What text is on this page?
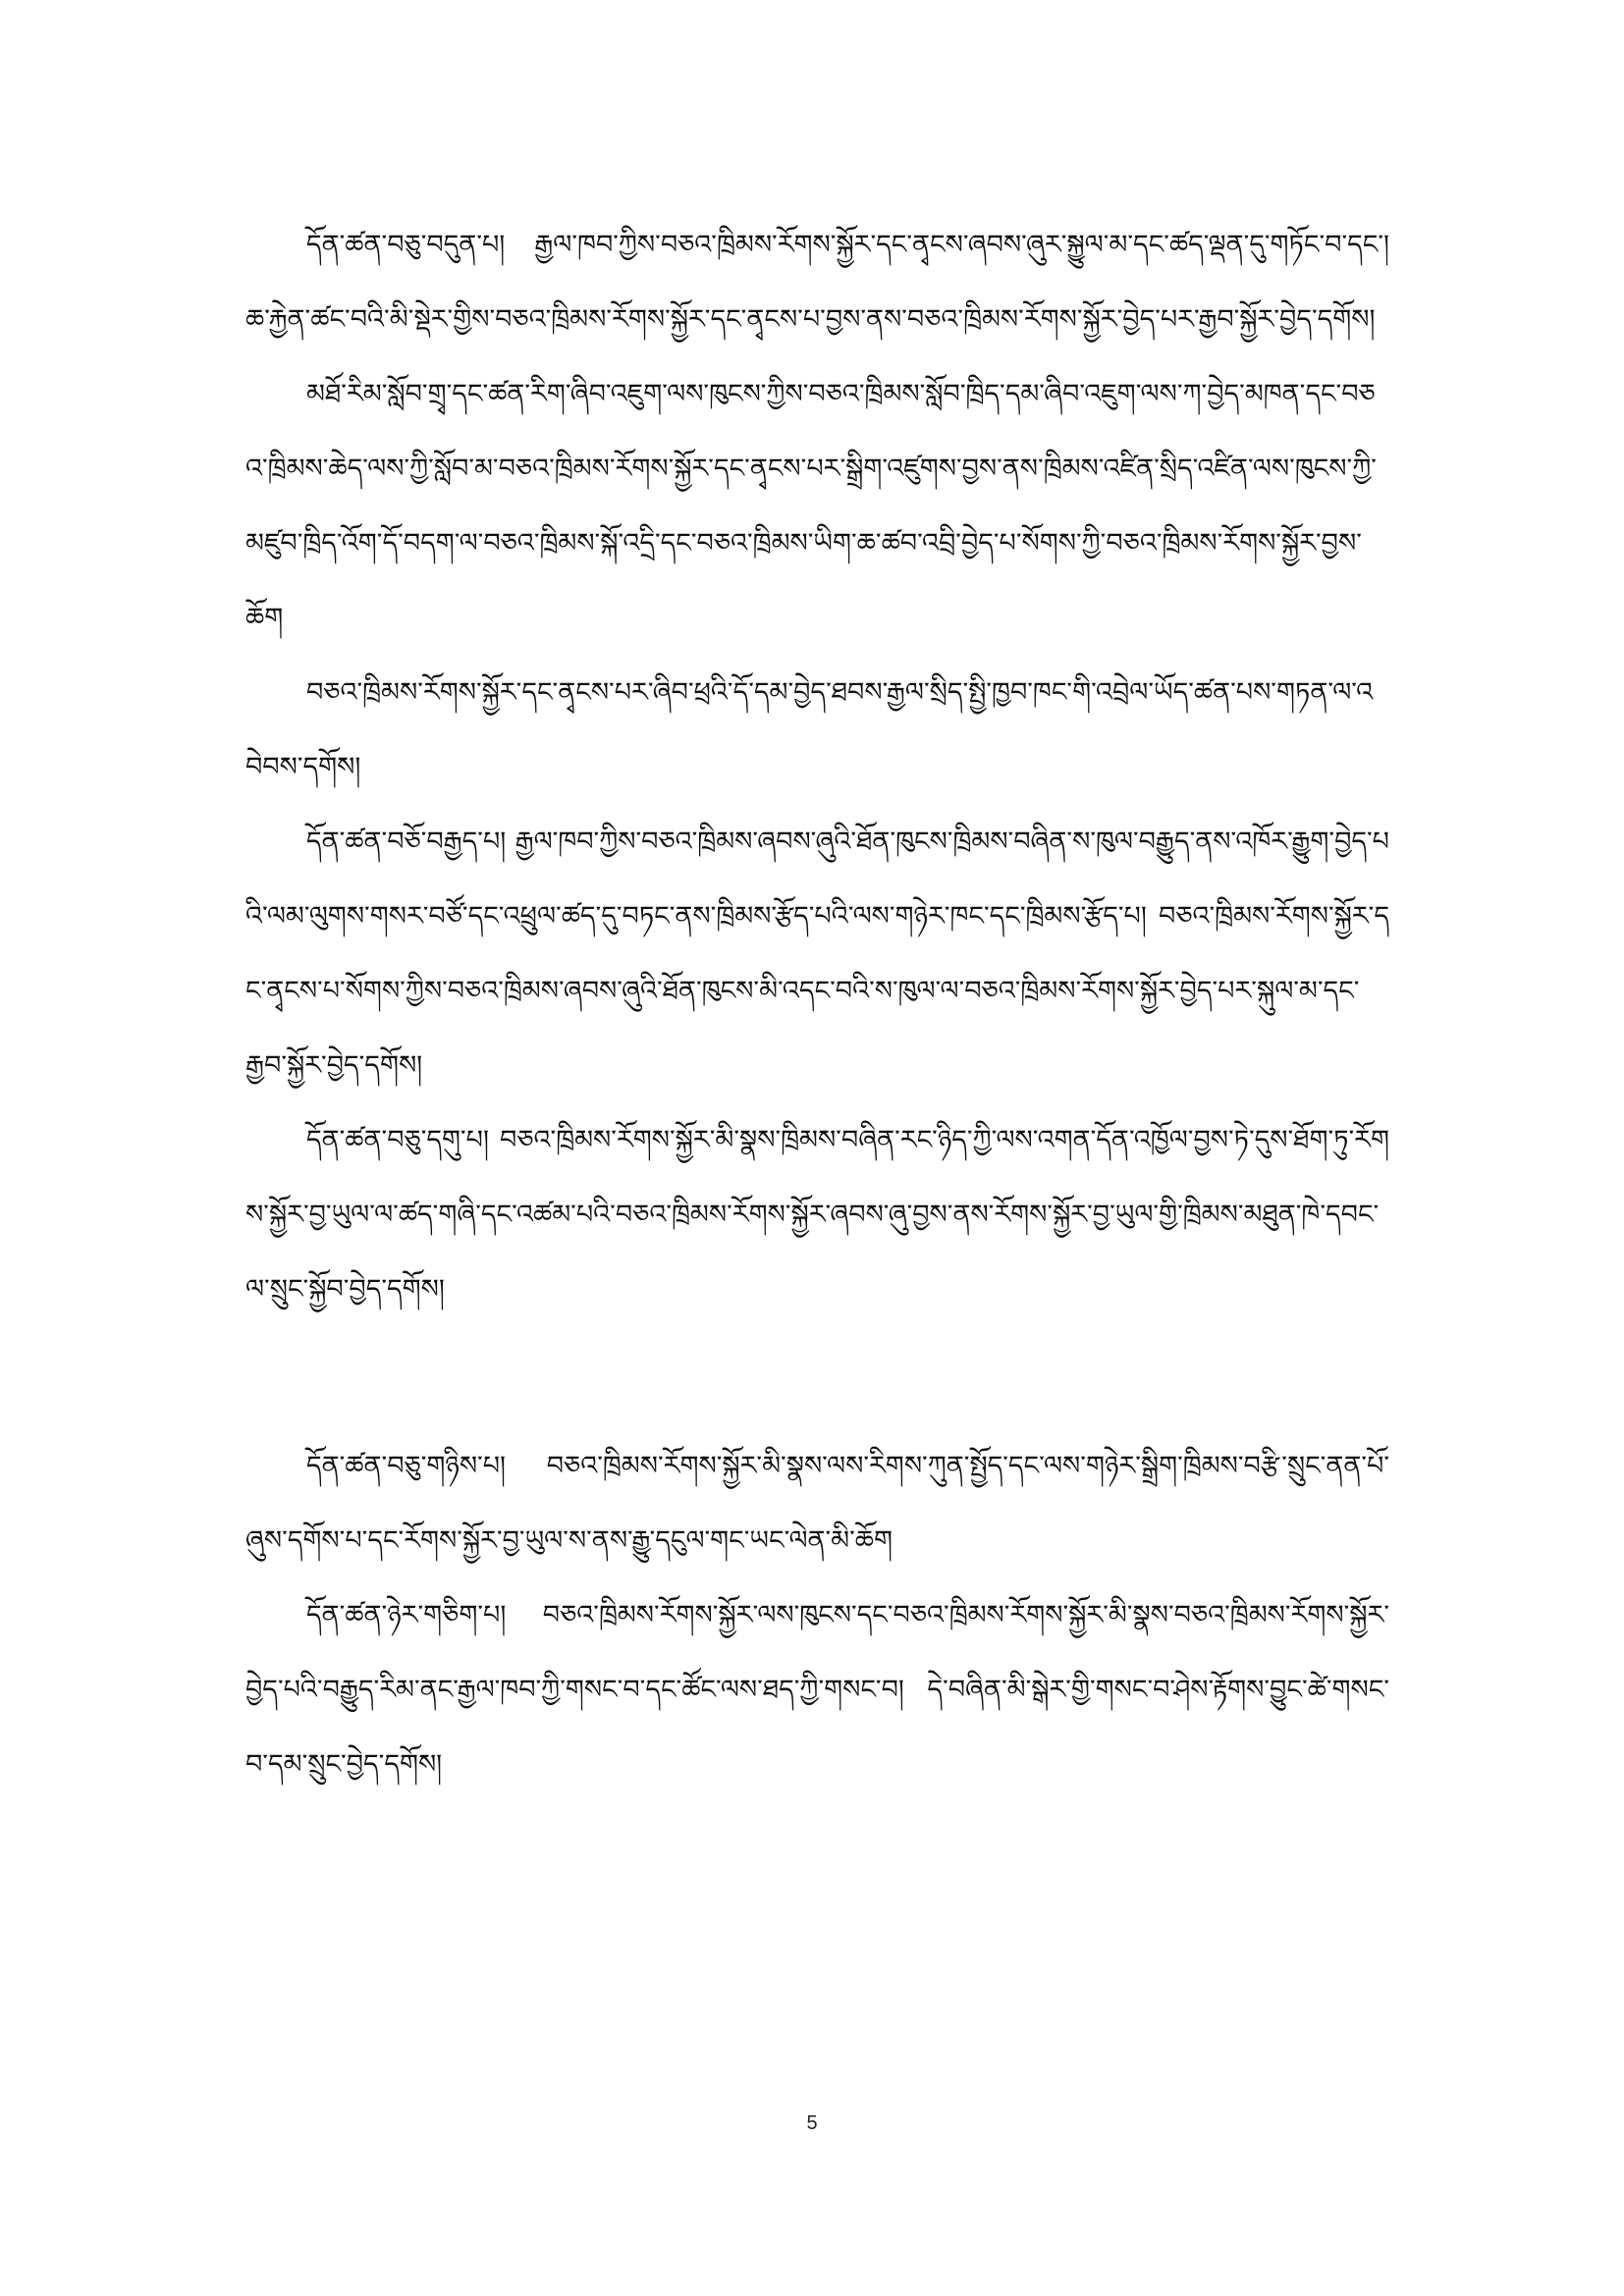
དོན་ཚན་བཅུ་བདུན་པ། རྒྱལ་ཁབ་ཀྱིས་བཅའ་ཁྲིམས་རོགས་སྐྱོར་དང་ནྭངས་ཞབས་ཞུར་སྐྱུལ་མ་དང་ཚད་ལྡན་དུ་གཏོང་བ་དང་། ཆ་རྐྱེན་ཚང་བའི་མི་སྡེར་གྱིས་བཅའ་ཁྲིམས་རོགས་སྐྱོར་དང་ནྭངས་པ་བྱས་ནས་བཅའ་ཁྲིམས་རོགས་སྐྱོར་བྱེད་པར་རྒྱབ་སྐྱོར་བྱེད་དགོས།

མཐོ་རིམ་སློབ་གྲྭ་དང་ཚན་རིག་ཞིབ་འཇུག་ལས་ཁུངས་ཀྱིས་བཅའ་ཁྲིམས་སློབ་ཁྲིད་དམ་ཞིབ་འཇུག་ལས་ཀ་བྱེད་མཁན་དང་བཅའ་ཁྲིམས་ཆེད་ལས་ཀྱི་སློབ་མ་བཅའ་ཁྲིམས་རོགས་སྐྱོར་དང་ནྭངས་པར་སྒྲིག་འཛུགས་བྱས་ནས་ཁྲིམས་འཛིན་སྲིད་འཛིན་ལས་ཁུངས་ཀྱི་མཛུབ་ཁྲིད་འོག་དོ་བདག་ལ་བཅའ་ཁྲིམས་སྐོ་འདྲི་དང་བཅའ་ཁྲིམས་ཡིག་ཆ་ཚབ་འབྲི་བྱེད་པ་སོགས་ཀྱི་བཅའ་ཁྲིམས་རོགས་སྐྱོར་བྱས་ཆོག

བཅའ་ཁྲིམས་རོགས་སྐྱོར་དང་ནྭངས་པར་ཞིབ་ཕྲའི་དོ་དམ་བྱེད་ཐབས་རྒྱལ་སྲིད་སྤྱི་ཁྱབ་ཁང་གི་འབྲེལ་ཡོད་ཚན་པས་གཏན་ལ་འབེབས་དགོས།

དོན་ཚན་བཅོ་བརྒྱད་པ། རྒྱལ་ཁབ་ཀྱིས་བཅའ་ཁྲིམས་ཞབས་ཞུའི་ཐོན་ཁུངས་ཁྲིམས་བཞིན་ས་ཁུལ་བརྒྱུད་ནས་འཁོར་རྒྱུག་བྱེད་པའི་ལམ་ལུགས་གསར་བཙོ་དང་འཕྲུལ་ཚད་དུ་བཏང་ནས་ཁྲིམས་རྩོད་པའི་ལས་གཉེར་ཁང་དང་ཁྲིམས་རྩོད་པ། བཅའ་ཁྲིམས་རོགས་སྐྱོར་དང་ནྭངས་པ་སོགས་ཀྱིས་བཅའ་ཁྲིམས་ཞབས་ཞུའི་ཐོན་ཁུངས་མི་འདང་བའི་ས་ཁུལ་ལ་བཅའ་ཁྲིམས་རོགས་སྐྱོར་བྱེད་པར་སྐུལ་མ་དང་རྒྱབ་སྐྱོར་བྱེད་དགོས།

དོན་ཚན་བཅུ་དགུ་པ། བཅའ་ཁྲིམས་རོགས་སྐྱོར་མི་སྣས་ཁྲིམས་བཞིན་རང་ཉིད་ཀྱི་ལས་འགན་དོན་འཁྱོལ་བྱས་ཏེ་དུས་ཐོག་ཏུ་རོགས་སྐྱོར་བྱ་ཡུལ་ལ་ཚད་གཞི་དང་འཚམ་པའི་བཅའ་ཁྲིམས་རོགས་སྐྱོར་ཞབས་ཞུ་བྱས་ནས་རོགས་སྐྱོར་བྱ་ཡུལ་གྱི་ཁྲིམས་མཐུན་ཁེ་དབང་ལ་སྲུང་སྐྱོབ་བྱེད་དགོས།

དོན་ཚན་བཅུ་གཉིས་པ། བཅའ་ཁྲིམས་རོགས་སྐྱོར་མི་སྣས་ལས་རིགས་ཀུན་སྤྱོད་དང་ལས་གཉེར་སྒྲིག་ཁྲིམས་བརྩི་སྲུང་ནན་པོ་ཞུས་དགོས་པ་དང་རོགས་སྐྱོར་བྱ་ཡུལ་ས་ནས་རྒྱུ་དངུལ་གང་ཡང་ལེན་མི་ཆོག

དོན་ཚན་ཉེར་གཅིག་པ། བཅའ་ཁྲིམས་རོགས་སྐྱོར་ལས་ཁུངས་དང་བཅའ་ཁྲིམས་རོགས་སྐྱོར་མི་སྣས་བཅའ་ཁྲིམས་རོགས་སྐྱོར་བྱེད་པའི་བརྒྱུད་རིམ་ནང་རྒྱལ་ཁབ་ཀྱི་གསང་བ་དང་ཚོང་ལས་ཐད་ཀྱི་གསང་བ། དེ་བཞིན་མི་སྒེར་གྱི་གསང་བ་ཤེས་རྟོགས་བྱུང་ཚེ་གསང་བ་དམ་སྲུང་བྱེད་དགོས།

5
